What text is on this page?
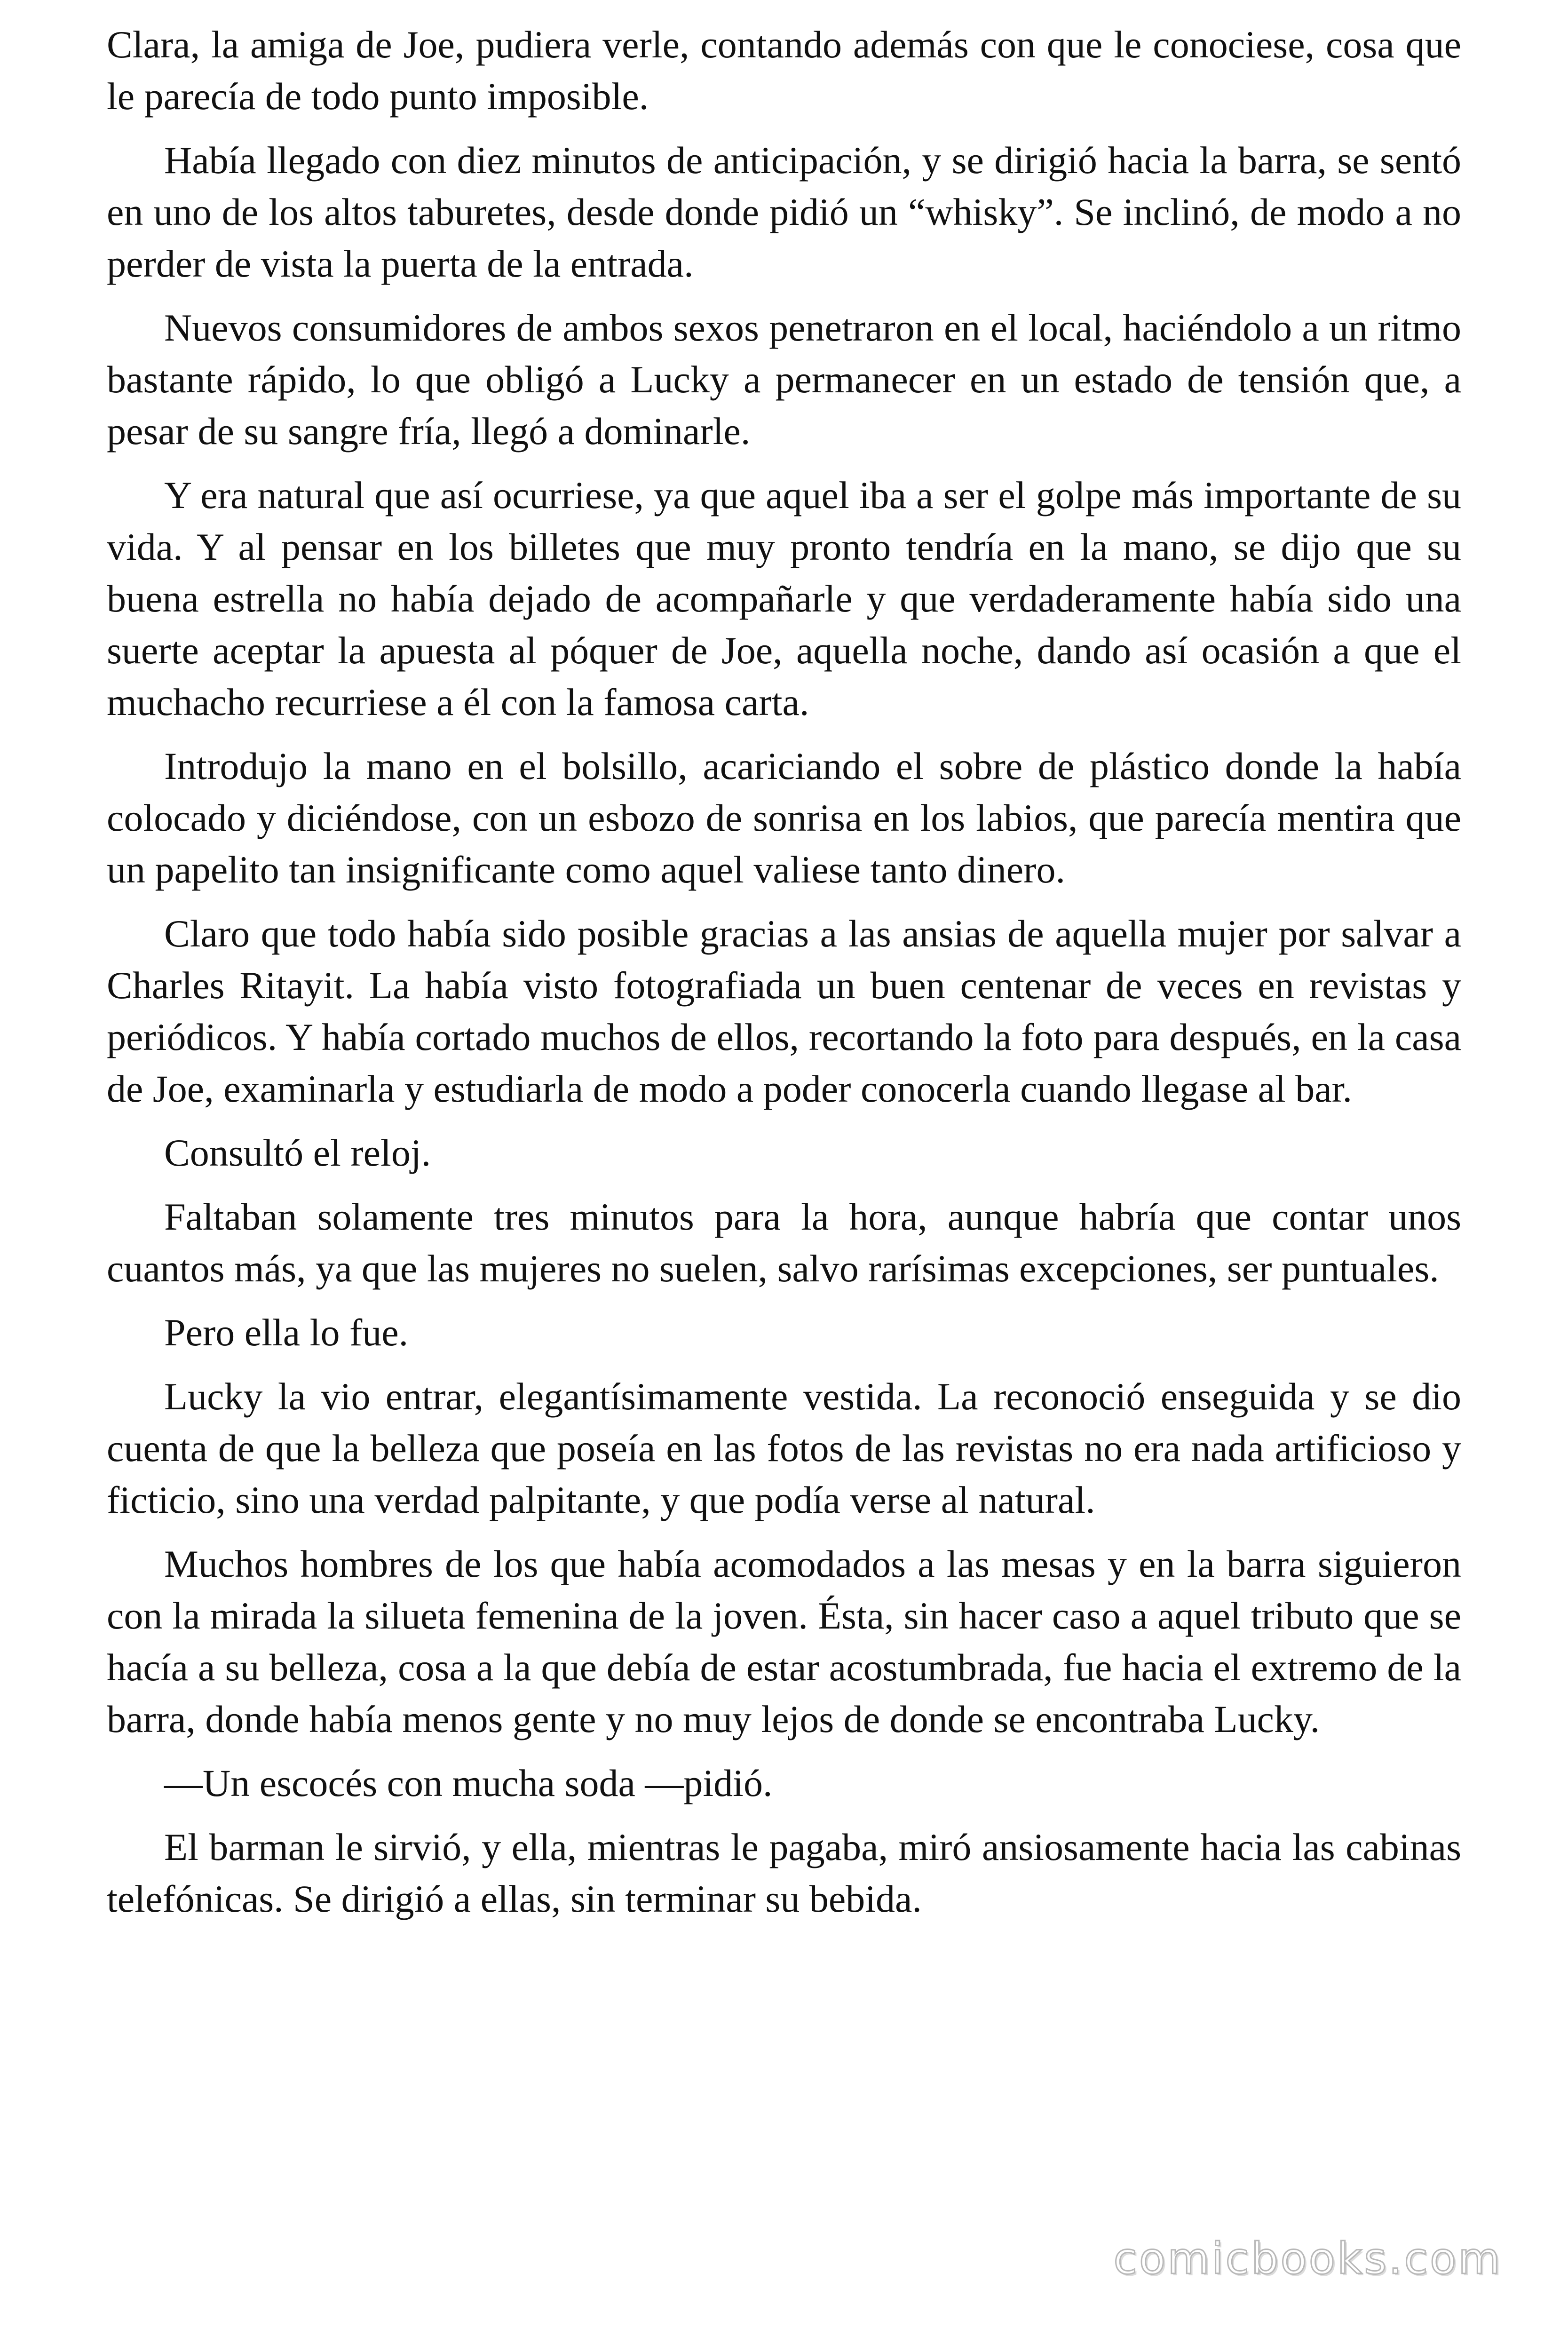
Clara, la amiga de Joe, pudiera verle, contando además con que le conociese, cosa que le parecía de todo punto imposible.

Había llegado con diez minutos de anticipación, y se dirigió hacia la barra, se sentó en uno de los altos taburetes, desde donde pidió un “whisky”. Se inclinó, de modo a no perder de vista la puerta de la entrada.

Nuevos consumidores de ambos sexos penetraron en el local, haciéndolo a un ritmo bastante rápido, lo que obligó a Lucky a permanecer en un estado de tensión que, a pesar de su sangre fría, llegó a dominarle.

Y era natural que así ocurriese, ya que aquel iba a ser el golpe más importante de su vida. Y al pensar en los billetes que muy pronto tendría en la mano, se dijo que su buena estrella no había dejado de acompañarle y que verdaderamente había sido una suerte aceptar la apuesta al póquer de Joe, aquella noche, dando así ocasión a que el muchacho recurriese a él con la famosa carta.

Introdujo la mano en el bolsillo, acariciando el sobre de plástico donde la había colocado y diciéndose, con un esbozo de sonrisa en los labios, que parecía mentira que un papelito tan insignificante como aquel valiese tanto dinero.

Claro que todo había sido posible gracias a las ansias de aquella mujer por salvar a Charles Ritayit. La había visto fotografiada un buen centenar de veces en revistas y periódicos. Y había cortado muchos de ellos, recortando la foto para después, en la casa de Joe, examinarla y estudiarla de modo a poder conocerla cuando llegase al bar.

Consultó el reloj.

Faltaban solamente tres minutos para la hora, aunque habría que contar unos cuantos más, ya que las mujeres no suelen, salvo rarísimas excepciones, ser puntuales.

Pero ella lo fue.

Lucky la vio entrar, elegantísimamente vestida. La reconoció enseguida y se dio cuenta de que la belleza que poseía en las fotos de las revistas no era nada artificioso y ficticio, sino una verdad palpitante, y que podía verse al natural.

Muchos hombres de los que había acomodados a las mesas y en la barra siguieron con la mirada la silueta femenina de la joven. Ésta, sin hacer caso a aquel tributo que se hacía a su belleza, cosa a la que debía de estar acostumbrada, fue hacia el extremo de la barra, donde había menos gente y no muy lejos de donde se encontraba Lucky.

—Un escocés con mucha soda —pidió.

El barman le sirvió, y ella, mientras le pagaba, miró ansiosamente hacia las cabinas telefónicas. Se dirigió a ellas, sin terminar su bebida.

comicbooks.com
